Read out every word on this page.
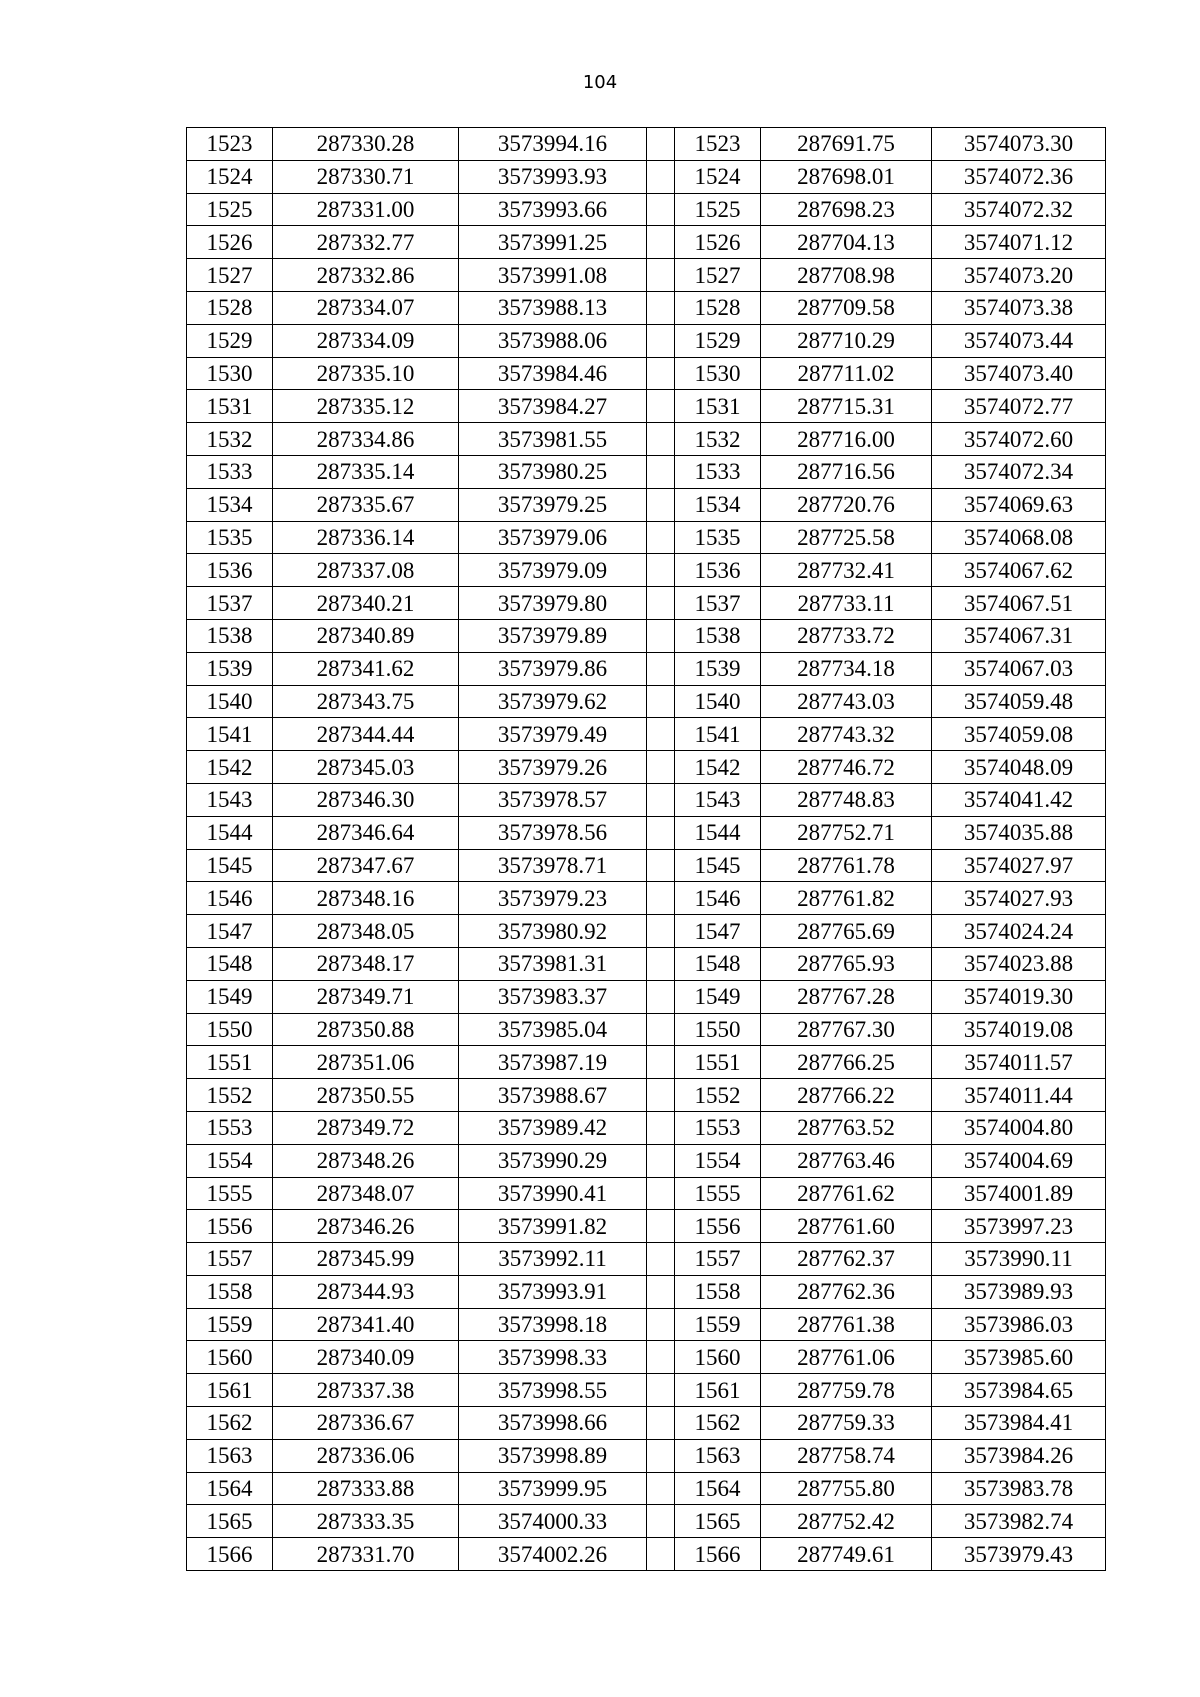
104
1523	287330.28	3573994.16		1523	287691.75	3574073.30
1524	287330.71	3573993.93		1524	287698.01	3574072.36
1525	287331.00	3573993.66		1525	287698.23	3574072.32
1526	287332.77	3573991.25		1526	287704.13	3574071.12
1527	287332.86	3573991.08		1527	287708.98	3574073.20
1528	287334.07	3573988.13		1528	287709.58	3574073.38
1529	287334.09	3573988.06		1529	287710.29	3574073.44
1530	287335.10	3573984.46		1530	287711.02	3574073.40
1531	287335.12	3573984.27		1531	287715.31	3574072.77
1532	287334.86	3573981.55		1532	287716.00	3574072.60
1533	287335.14	3573980.25		1533	287716.56	3574072.34
1534	287335.67	3573979.25		1534	287720.76	3574069.63
1535	287336.14	3573979.06		1535	287725.58	3574068.08
1536	287337.08	3573979.09		1536	287732.41	3574067.62
1537	287340.21	3573979.80		1537	287733.11	3574067.51
1538	287340.89	3573979.89		1538	287733.72	3574067.31
1539	287341.62	3573979.86		1539	287734.18	3574067.03
1540	287343.75	3573979.62		1540	287743.03	3574059.48
1541	287344.44	3573979.49		1541	287743.32	3574059.08
1542	287345.03	3573979.26		1542	287746.72	3574048.09
1543	287346.30	3573978.57		1543	287748.83	3574041.42
1544	287346.64	3573978.56		1544	287752.71	3574035.88
1545	287347.67	3573978.71		1545	287761.78	3574027.97
1546	287348.16	3573979.23		1546	287761.82	3574027.93
1547	287348.05	3573980.92		1547	287765.69	3574024.24
1548	287348.17	3573981.31		1548	287765.93	3574023.88
1549	287349.71	3573983.37		1549	287767.28	3574019.30
1550	287350.88	3573985.04		1550	287767.30	3574019.08
1551	287351.06	3573987.19		1551	287766.25	3574011.57
1552	287350.55	3573988.67		1552	287766.22	3574011.44
1553	287349.72	3573989.42		1553	287763.52	3574004.80
1554	287348.26	3573990.29		1554	287763.46	3574004.69
1555	287348.07	3573990.41		1555	287761.62	3574001.89
1556	287346.26	3573991.82		1556	287761.60	3573997.23
1557	287345.99	3573992.11		1557	287762.37	3573990.11
1558	287344.93	3573993.91		1558	287762.36	3573989.93
1559	287341.40	3573998.18		1559	287761.38	3573986.03
1560	287340.09	3573998.33		1560	287761.06	3573985.60
1561	287337.38	3573998.55		1561	287759.78	3573984.65
1562	287336.67	3573998.66		1562	287759.33	3573984.41
1563	287336.06	3573998.89		1563	287758.74	3573984.26
1564	287333.88	3573999.95		1564	287755.80	3573983.78
1565	287333.35	3574000.33		1565	287752.42	3573982.74
1566	287331.70	3574002.26		1566	287749.61	3573979.43
